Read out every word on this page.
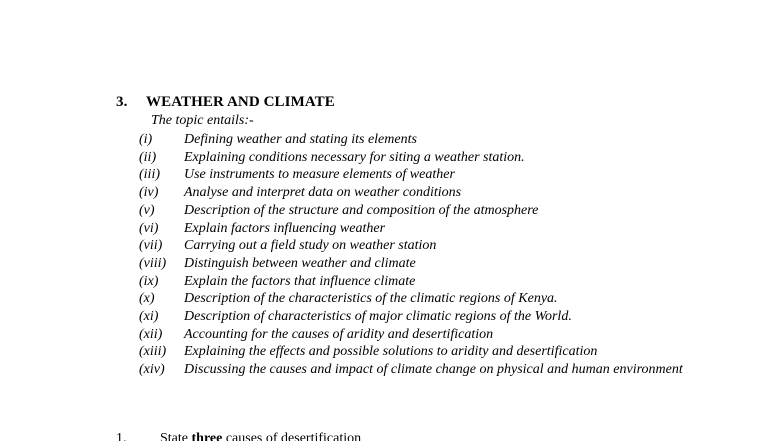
3. WEATHER AND CLIMATE
The topic entails:-
(i)	Defining weather and stating its elements
(ii)	Explaining conditions necessary for siting a weather station.
(iii)	Use instruments to measure elements of weather
(iv)	Analyse and interpret data on weather conditions
(v)	Description of the structure and composition of the atmosphere
(vi)	Explain factors influencing weather
(vii)	Carrying out a field study on weather station
(viii)	Distinguish between weather and climate
(ix)	Explain the factors that influence climate
(x)	Description of the characteristics of the climatic regions of Kenya.
(xi)	Description of characteristics of major climatic regions of the World.
(xii)	Accounting for the causes of aridity and desertification
(xiii)	Explaining the effects and possible solutions to aridity and desertification
(xiv)	Discussing the causes and impact of climate change on physical and human environment
1. State three causes of desertification
